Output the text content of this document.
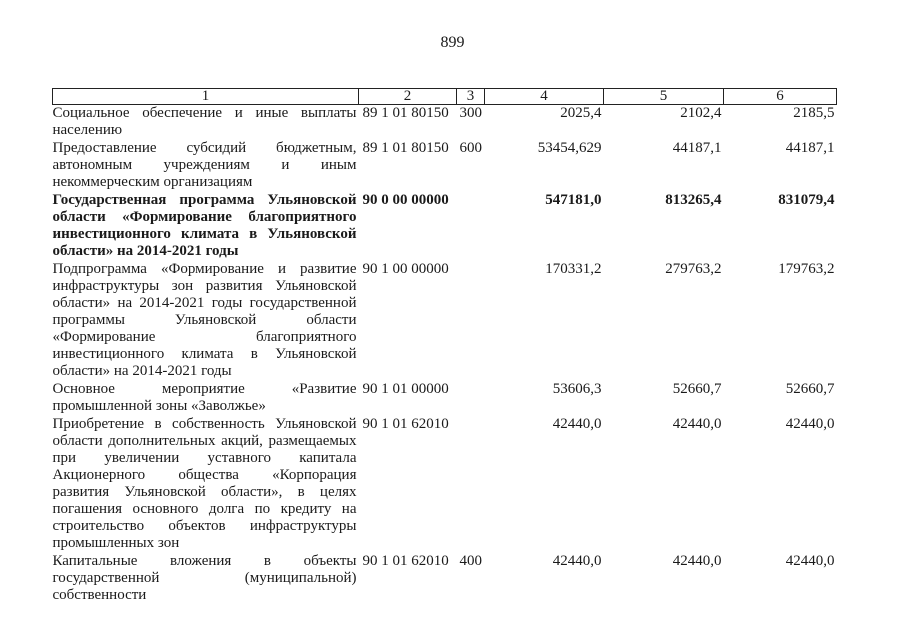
899
1	2	3	4	5	6
Социальное обеспечение и иные выплаты населению	89 1 01 80150	300	2025,4	2102,4	2185,5
Предоставление субсидий бюджетным, автономным учреждениям и иным некоммерческим организациям	89 1 01 80150	600	53454,629	44187,1	44187,1
Государственная программа Ульяновской области «Формирование благоприятного инвестиционного климата в Ульяновской области» на 2014-2021 годы	90 0 00 00000		547181,0	813265,4	831079,4
Подпрограмма «Формирование и развитие инфраструктуры зон развития Ульяновской области» на 2014-2021 годы государственной программы Ульяновской области «Формирование благоприятного инвестиционного климата в Ульяновской области» на 2014-2021 годы	90 1 00 00000		170331,2	279763,2	179763,2
Основное мероприятие «Развитие промышленной зоны «Заволжье»	90 1 01 00000		53606,3	52660,7	52660,7
Приобретение в собственность Ульяновской области дополнительных акций, размещаемых при увеличении уставного капитала Акционерного общества «Корпорация развития Ульяновской области», в целях погашения основного долга по кредиту на строительство объектов инфраструктуры промышленных зон	90 1 01 62010		42440,0	42440,0	42440,0
Капитальные вложения в объекты государственной (муниципальной) собственности	90 1 01 62010	400	42440,0	42440,0	42440,0
